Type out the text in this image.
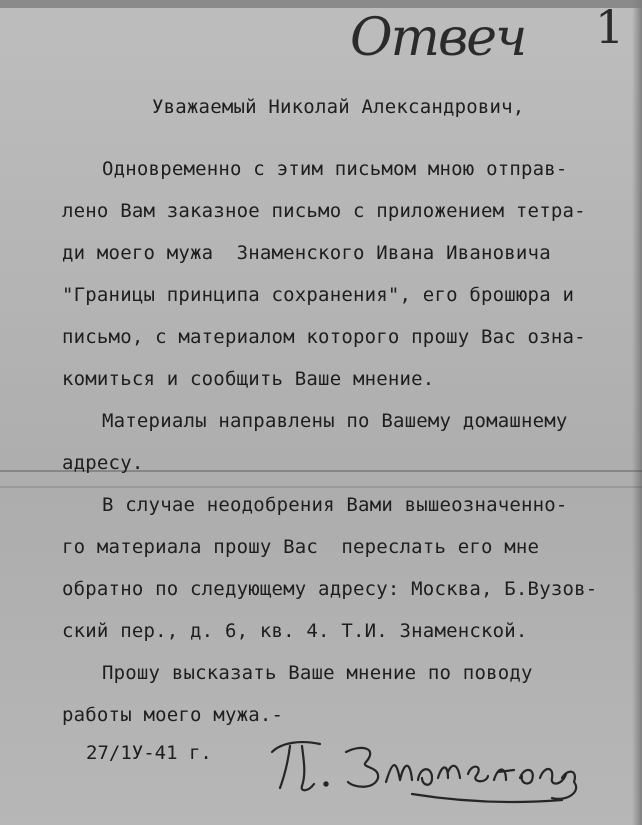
Отвеч 1
Уважаемый Николай Александрович,
Одновременно с этим письмом мною отправ-
лено Вам заказное письмо с приложением тетра-
ди моего мужа  Знаменского Ивана Ивановича
"Границы принципа сохранения", его брошюра и
письмо, с материалом которого прошу Вас озна-
комиться и сообщить Ваше мнение.
Материалы направлены по Вашему домашнему
адресу.
В случае неодобрения Вами вышеозначенно-
го материала прошу Вас  переслать его мне
обратно по следующему адресу: Москва, Б.Вузов-
ский пер., д. 6, кв. 4. Т.И. Знаменской.
Прошу высказать Ваше мнение по поводу
работы моего мужа.-
27/1У-41 г.
